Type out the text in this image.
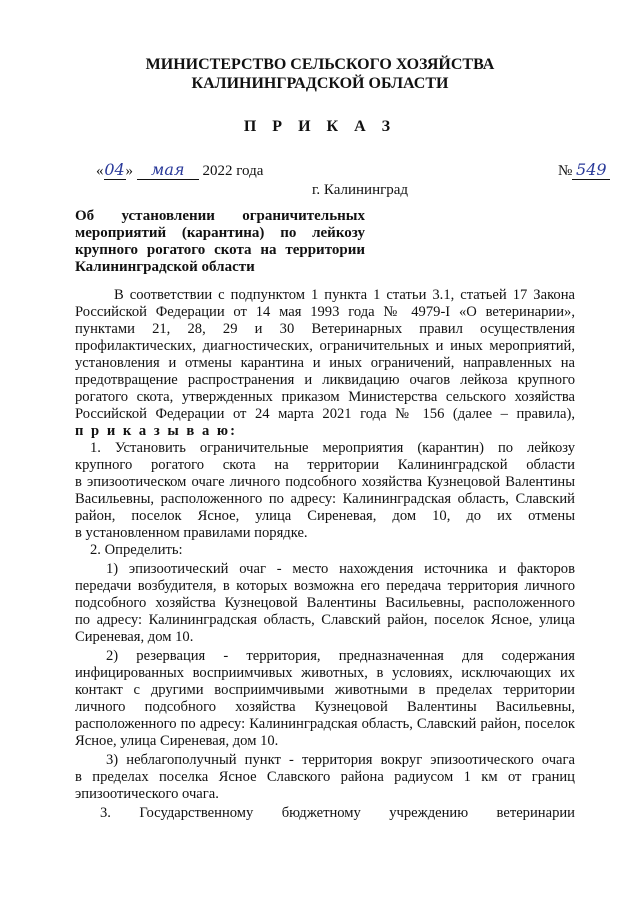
МИНИСТЕРСТВО СЕЛЬСКОГО ХОЗЯЙСТВА
КАЛИНИНГРАДСКОЙ ОБЛАСТИ
П Р И К А З
«04» мая 2022 года	№ 549
г. Калининград
Об установлении ограничительных
мероприятий (карантина) по лейкозу
крупного рогатого скота на территории
Калининградской области
В соответствии с подпунктом 1 пункта 1 статьи 3.1, статьей 17 Закона
Российской Федерации от 14 мая 1993 года № 4979-I «О ветеринарии»,
пунктами 21, 28, 29 и 30 Ветеринарных правил осуществления
профилактических, диагностических, ограничительных и иных мероприятий,
установления и отмены карантина и иных ограничений, направленных на
предотвращение распространения и ликвидацию очагов лейкоза крупного
рогатого скота, утвержденных приказом Министерства сельского хозяйства
Российской Федерации от 24 марта 2021 года № 156 (далее – правила),
п р и к а з ы в а ю:
1. Установить ограничительные мероприятия (карантин) по лейкозу
крупного рогатого скота на территории Калининградской области
в эпизоотическом очаге личного подсобного хозяйства Кузнецовой Валентины
Васильевны, расположенного по адресу: Калининградская область, Славский
район, поселок Ясное, улица Сиреневая, дом 10, до их отмены
в установленном правилами порядке.
2. Определить:
1) эпизоотический очаг - место нахождения источника и факторов
передачи возбудителя, в которых возможна его передача территория личного
подсобного хозяйства Кузнецовой Валентины Васильевны, расположенного
по адресу: Калининградская область, Славский район, поселок Ясное, улица
Сиреневая, дом 10.
2) резервация - территория, предназначенная для содержания
инфицированных восприимчивых животных, в условиях, исключающих их
контакт с другими восприимчивыми животными в пределах территории
личного подсобного хозяйства Кузнецовой Валентины Васильевны,
расположенного по адресу: Калининградская область, Славский район, поселок
Ясное, улица Сиреневая, дом 10.
3) неблагополучный пункт - территория вокруг эпизоотического очага
в пределах поселка Ясное Славского района радиусом 1 км от границ
эпизоотического очага.
3. Государственному бюджетному учреждению ветеринарии
